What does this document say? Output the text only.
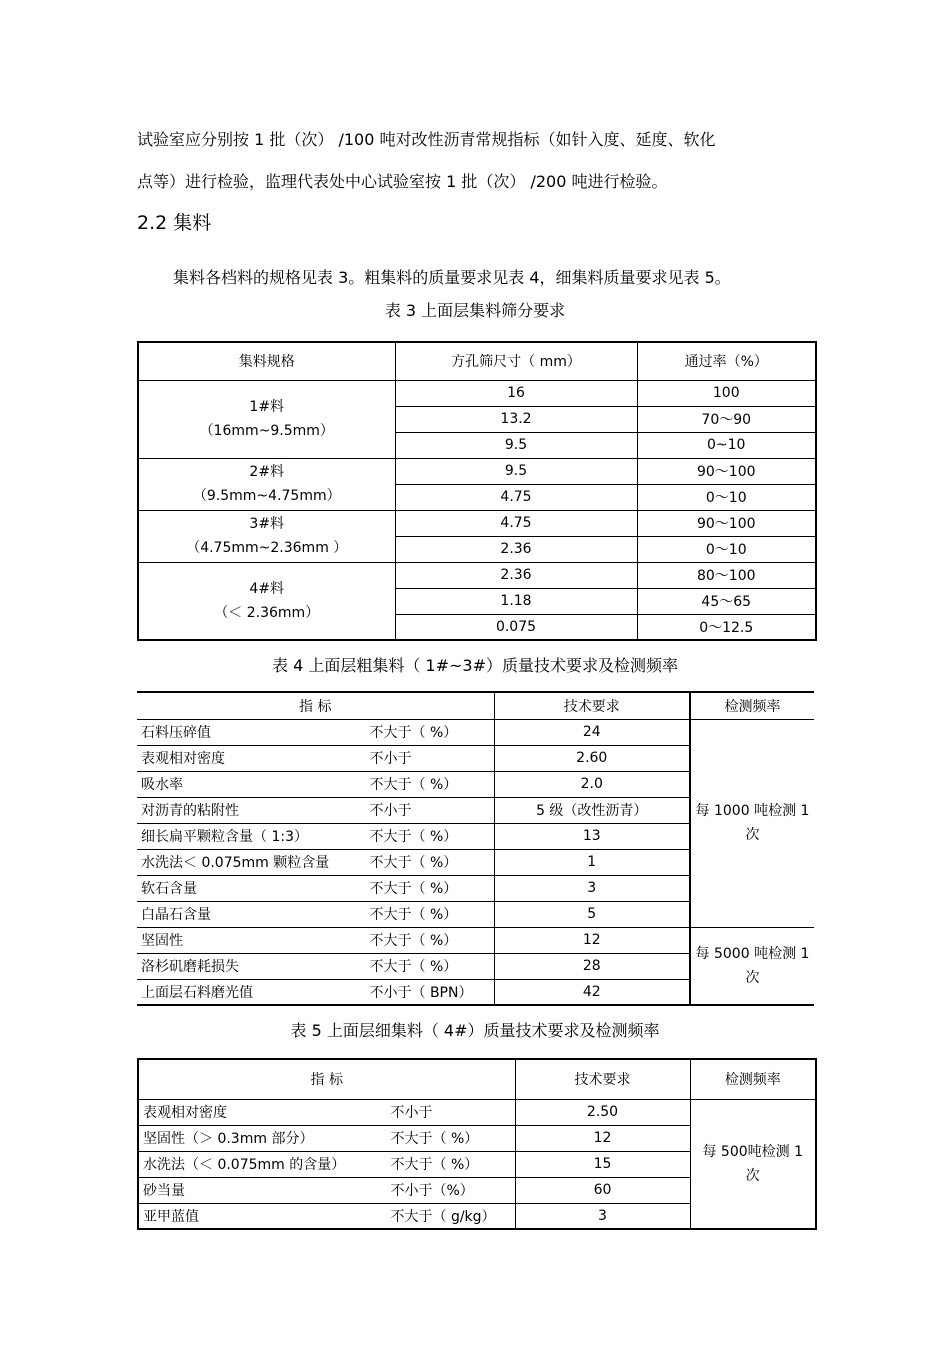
试验室应分别按 1 批（次） /100 吨对改性沥青常规指标（如针入度、延度、软化
点等）进行检验，监理代表处中心试验室按 1 批（次） /200 吨进行检验。
2.2 集料
集料各档料的规格见表 3。粗集料的质量要求见表 4，细集料质量要求见表 5。
表 3 上面层集料筛分要求
集料规格	方孔筛尺寸（ mm）	通过率（%）

1#料
（16mm~9.5mm）	16	100
	13.2	70～90
	9.5	0~10

2#料
（9.5mm~4.75mm）	9.5	90～100
	4.75	0～10

3#料
（4.75mm~2.36mm ）	4.75	90～100
	2.36	0～10

4#料
（＜ 2.36mm）	2.36	80～100
	1.18	45～65
	0.075	0～12.5
表 4 上面层粗集料（ 1#~3#）质量技术要求及检测频率
指 标	技术要求	检测频率

石料压碎值 不大于（ %）	24	每 1000 吨检测 1 次

表观相对密度 不小于	2.60	

吸水率 不大于（ %）	2.0	

对沥青的粘附性 不小于	5 级（改性沥青）	

细长扁平颗粒含量（ 1:3） 不大于（ %）	13	

水洗法＜ 0.075mm 颗粒含量 不大于（ %）	1	

软石含量 不大于（ %）	3	

白晶石含量 不大于（ %）	5	

坚固性 不大于（ %）	12	每 5000 吨检测 1 次

洛杉矶磨耗损失 不大于（ %）	28	

上面层石料磨光值 不小于（ BPN）	42	
表 5 上面层细集料（ 4#）质量技术要求及检测频率
指 标	技术要求	检测频率

表观相对密度 不小于	2.50	每 500吨检测 1 次

坚固性（＞ 0.3mm 部分） 不大于（ %）	12	

水洗法（＜ 0.075mm 的含量） 不大于（ %）	15	

砂当量 不小于（%）	60	

亚甲蓝值 不大于（ g/kg）	3	
